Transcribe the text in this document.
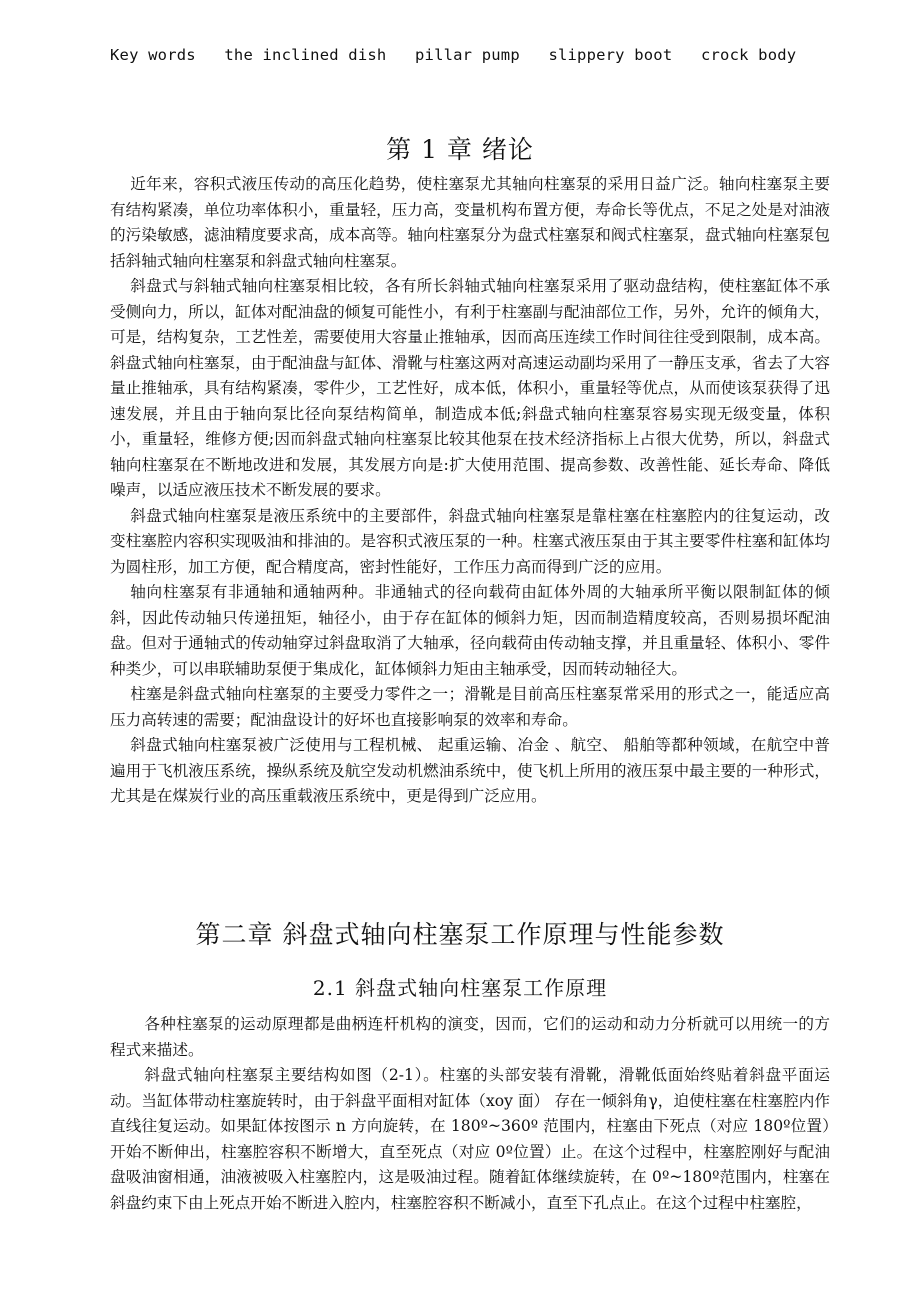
Key words   the inclined dish   pillar pump   slippery boot   crock body
第 1 章 绪论

近年来，容积式液压传动的高压化趋势，使柱塞泵尤其轴向柱塞泵的采用日益广泛。轴向柱塞泵主要有结构紧凑，单位功率体积小，重量轻，压力高，变量机构布置方便，寿命长等优点，不足之处是对油液的污染敏感，滤油精度要求高，成本高等。轴向柱塞泵分为盘式柱塞泵和阀式柱塞泵，盘式轴向柱塞泵包括斜轴式轴向柱塞泵和斜盘式轴向柱塞泵。

斜盘式与斜轴式轴向柱塞泵相比较，各有所长斜轴式轴向柱塞泵采用了驱动盘结构，使柱塞缸体不承受侧向力，所以，缸体对配油盘的倾复可能性小，有利于柱塞副与配油部位工作，另外，允许的倾角大，可是，结构复杂，工艺性差，需要使用大容量止推轴承，因而高压连续工作时间往往受到限制，成本高。斜盘式轴向柱塞泵，由于配油盘与缸体、滑靴与柱塞这两对高速运动副均采用了一静压支承，省去了大容量止推轴承，具有结构紧凑，零件少，工艺性好，成本低，体积小，重量轻等优点，从而使该泵获得了迅速发展，并且由于轴向泵比径向泵结构简单，制造成本低;斜盘式轴向柱塞泵容易实现无级变量，体积小，重量轻，维修方便;因而斜盘式轴向柱塞泵比较其他泵在技术经济指标上占很大优势，所以，斜盘式轴向柱塞泵在不断地改进和发展，其发展方向是:扩大使用范围、提高参数、改善性能、延长寿命、降低噪声，以适应液压技术不断发展的要求。

斜盘式轴向柱塞泵是液压系统中的主要部件，斜盘式轴向柱塞泵是靠柱塞在柱塞腔内的往复运动，改变柱塞腔内容积实现吸油和排油的。是容积式液压泵的一种。柱塞式液压泵由于其主要零件柱塞和缸体均为圆柱形，加工方便，配合精度高，密封性能好，工作压力高而得到广泛的应用。

轴向柱塞泵有非通轴和通轴两种。非通轴式的径向载荷由缸体外周的大轴承所平衡以限制缸体的倾斜，因此传动轴只传递扭矩，轴径小，由于存在缸体的倾斜力矩，因而制造精度较高，否则易损坏配油盘。但对于通轴式的传动轴穿过斜盘取消了大轴承，径向载荷由传动轴支撑，并且重量轻、体积小、零件种类少，可以串联辅助泵便于集成化，缸体倾斜力矩由主轴承受，因而转动轴径大。

柱塞是斜盘式轴向柱塞泵的主要受力零件之一；滑靴是目前高压柱塞泵常采用的形式之一，能适应高压力高转速的需要；配油盘设计的好坏也直接影响泵的效率和寿命。

斜盘式轴向柱塞泵被广泛使用与工程机械、 起重运输、冶金 、航空、 船舶等都种领域，在航空中普遍用于飞机液压系统，操纵系统及航空发动机燃油系统中，使飞机上所用的液压泵中最主要的一种形式，尤其是在煤炭行业的高压重载液压系统中，更是得到广泛应用。

第二章 斜盘式轴向柱塞泵工作原理与性能参数
2.1 斜盘式轴向柱塞泵工作原理

各种柱塞泵的运动原理都是曲柄连杆机构的演变，因而，它们的运动和动力分析就可以用统一的方程式来描述。

斜盘式轴向柱塞泵主要结构如图（2-1）。柱塞的头部安装有滑靴，滑靴低面始终贴着斜盘平面运动。当缸体带动柱塞旋转时，由于斜盘平面相对缸体（xoy 面） 存在一倾斜角γ，迫使柱塞在柱塞腔内作直线往复运动。如果缸体按图示 n 方向旋转，在 180º~360º 范围内，柱塞由下死点（对应 180º位置）开始不断伸出，柱塞腔容积不断增大，直至死点（对应 0º位置）止。在这个过程中，柱塞腔刚好与配油盘吸油窗相通，油液被吸入柱塞腔内，这是吸油过程。随着缸体继续旋转，在 0º~180º范围内，柱塞在斜盘约束下由上死点开始不断进入腔内，柱塞腔容积不断减小，直至下孔点止。在这个过程中柱塞腔，
